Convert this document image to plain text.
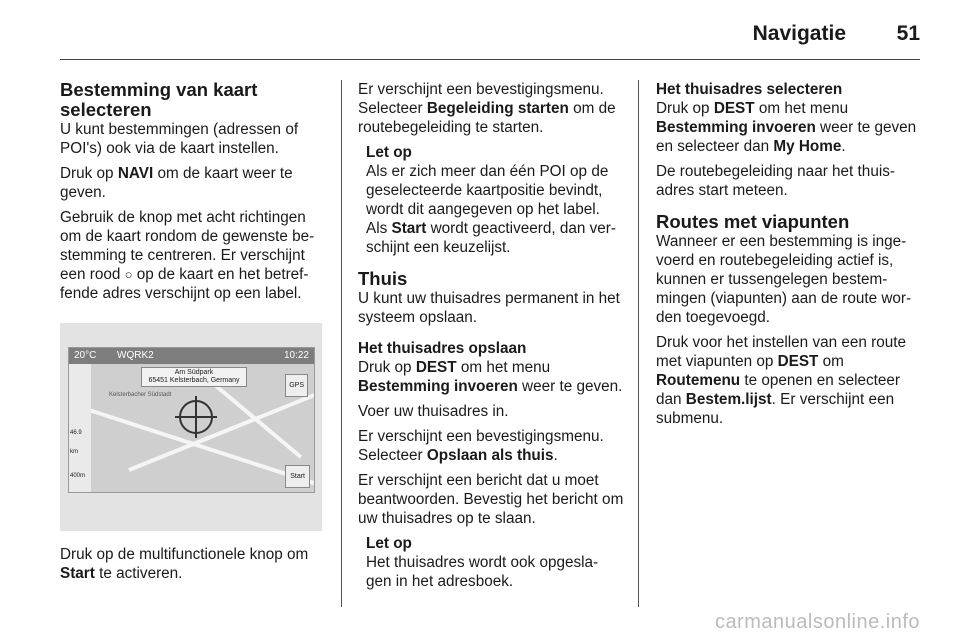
Navigatie 51
Bestemming van kaart
selecteren

U kunt bestemmingen (adressen of POI's) ook via de kaart instellen.

Druk op NAVI om de kaart weer te geven.

Gebruik de knop met acht richtingen om de kaart rondom de gewenste be- stemming te centreren. Er verschijnt een rood ○ op de kaart en het betref- fende adres verschijnt op een label.

20°C WQRK2	10:22
Am Südpark
65451 Kelsterbach, Germany
GPS
Kelsterbacher Südstadt
46.9 km
400m	Start

Druk op de multifunctionele knop om Start te activeren.

Er verschijnt een bevestigingsmenu. Selecteer Begeleiding starten om de routebegeleiding te starten.

Let op

Als er zich meer dan één POI op de geselecteerde kaartpositie bevindt, wordt dit aangegeven op het label. Als Start wordt geactiveerd, dan ver- schijnt een keuzelijst.

Thuis

U kunt uw thuisadres permanent in het systeem opslaan.

Het thuisadres opslaan

Druk op DEST om het menu Bestemming invoeren weer te geven.

Voer uw thuisadres in.

Er verschijnt een bevestigingsmenu. Selecteer Opslaan als thuis.

Er verschijnt een bericht dat u moet beantwoorden. Bevestig het bericht om uw thuisadres op te slaan.

Let op

Het thuisadres wordt ook opgesla- gen in het adresboek.

Het thuisadres selecteren

Druk op DEST om het menu Bestemming invoeren weer te geven en selecteer dan My Home.

De routebegeleiding naar het thuis- adres start meteen.

Routes met viapunten

Wanneer er een bestemming is inge- voerd en routebegeleiding actief is, kunnen er tussengelegen bestem- mingen (viapunten) aan de route wor- den toegevoegd.

Druk voor het instellen van een route met viapunten op DEST om Routemenu te openen en selecteer dan Bestem.lijst. Er verschijnt een submenu.

carmanualsonline.info
